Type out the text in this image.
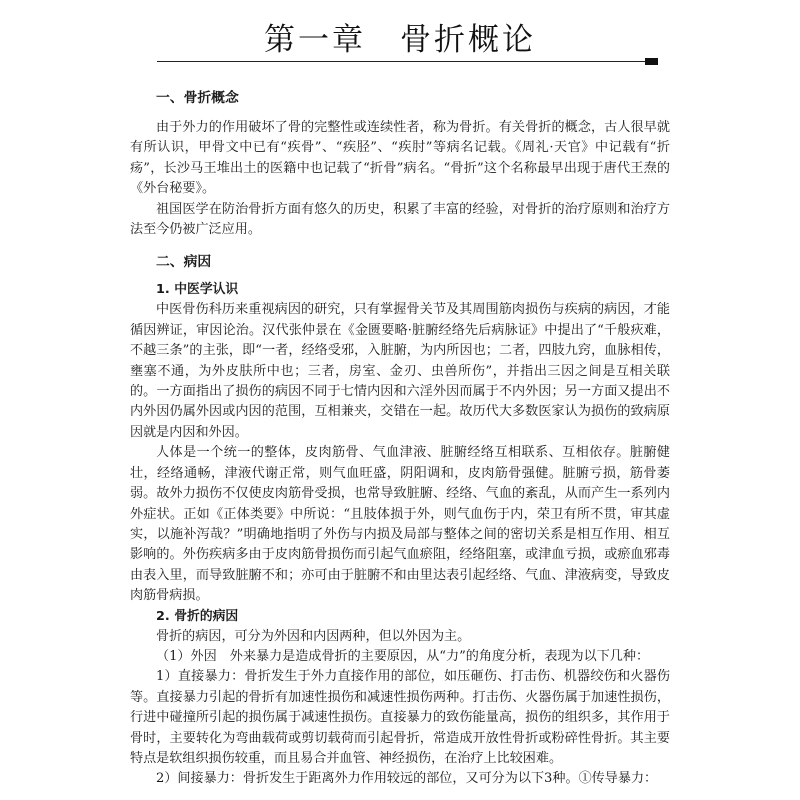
第一章　骨折概论
一、骨折概念

由于外力的作用破坏了骨的完整性或连续性者，称为骨折。有关骨折的概念，古人很早就有所认识，甲骨文中已有“疾骨”、“疾胫”、“疾肘”等病名记载。《周礼·天官》中记载有“折疡”，长沙马王堆出土的医籍中也记载了“折骨”病名。“骨折”这个名称最早出现于唐代王焘的《外台秘要》。

祖国医学在防治骨折方面有悠久的历史，积累了丰富的经验，对骨折的治疗原则和治疗方法至今仍被广泛应用。

二、病因
1. 中医学认识

中医骨伤科历来重视病因的研究，只有掌握骨关节及其周围筋肉损伤与疾病的病因，才能循因辨证，审因论治。汉代张仲景在《金匮要略·脏腑经络先后病脉证》中提出了“千般疢难，不越三条”的主张，即“一者，经络受邪，入脏腑，为内所因也；二者，四肢九窍，血脉相传，壅塞不通，为外皮肤所中也；三者，房室、金刃、虫兽所伤”，并指出三因之间是互相关联的。一方面指出了损伤的病因不同于七情内因和六淫外因而属于不内外因；另一方面又提出不内外因仍属外因或内因的范围，互相兼夹，交错在一起。故历代大多数医家认为损伤的致病原因就是内因和外因。

人体是一个统一的整体，皮肉筋骨、气血津液、脏腑经络互相联系、互相依存。脏腑健壮，经络通畅，津液代谢正常，则气血旺盛，阴阳调和，皮肉筋骨强健。脏腑亏损，筋骨萎弱。故外力损伤不仅使皮肉筋骨受损，也常导致脏腑、经络、气血的紊乱，从而产生一系列内外症状。正如《正体类要》中所说：“且肢体损于外，则气血伤于内，荣卫有所不贯，审其虚实，以施补泻哉？”明确地指明了外伤与内损及局部与整体之间的密切关系是相互作用、相互影响的。外伤疾病多由于皮肉筋骨损伤而引起气血瘀阻，经络阻塞，或津血亏损，或瘀血邪毒由表入里，而导致脏腑不和；亦可由于脏腑不和由里达表引起经络、气血、津液病变，导致皮肉筋骨病损。

2. 骨折的病因

骨折的病因，可分为外因和内因两种，但以外因为主。

（1）外因　外来暴力是造成骨折的主要原因，从“力”的角度分析，表现为以下几种：

1）直接暴力：骨折发生于外力直接作用的部位，如压砸伤、打击伤、机器绞伤和火器伤等。直接暴力引起的骨折有加速性损伤和减速性损伤两种。打击伤、火器伤属于加速性损伤，行进中碰撞所引起的损伤属于减速性损伤。直接暴力的致伤能量高，损伤的组织多，其作用于骨时，主要转化为弯曲载荷或剪切载荷而引起骨折，常造成开放性骨折或粉碎性骨折。其主要特点是软组织损伤较重，而且易合并血管、神经损伤，在治疗上比较困难。

2）间接暴力：骨折发生于距离外力作用较远的部位，又可分为以下3种。①传导暴力：
